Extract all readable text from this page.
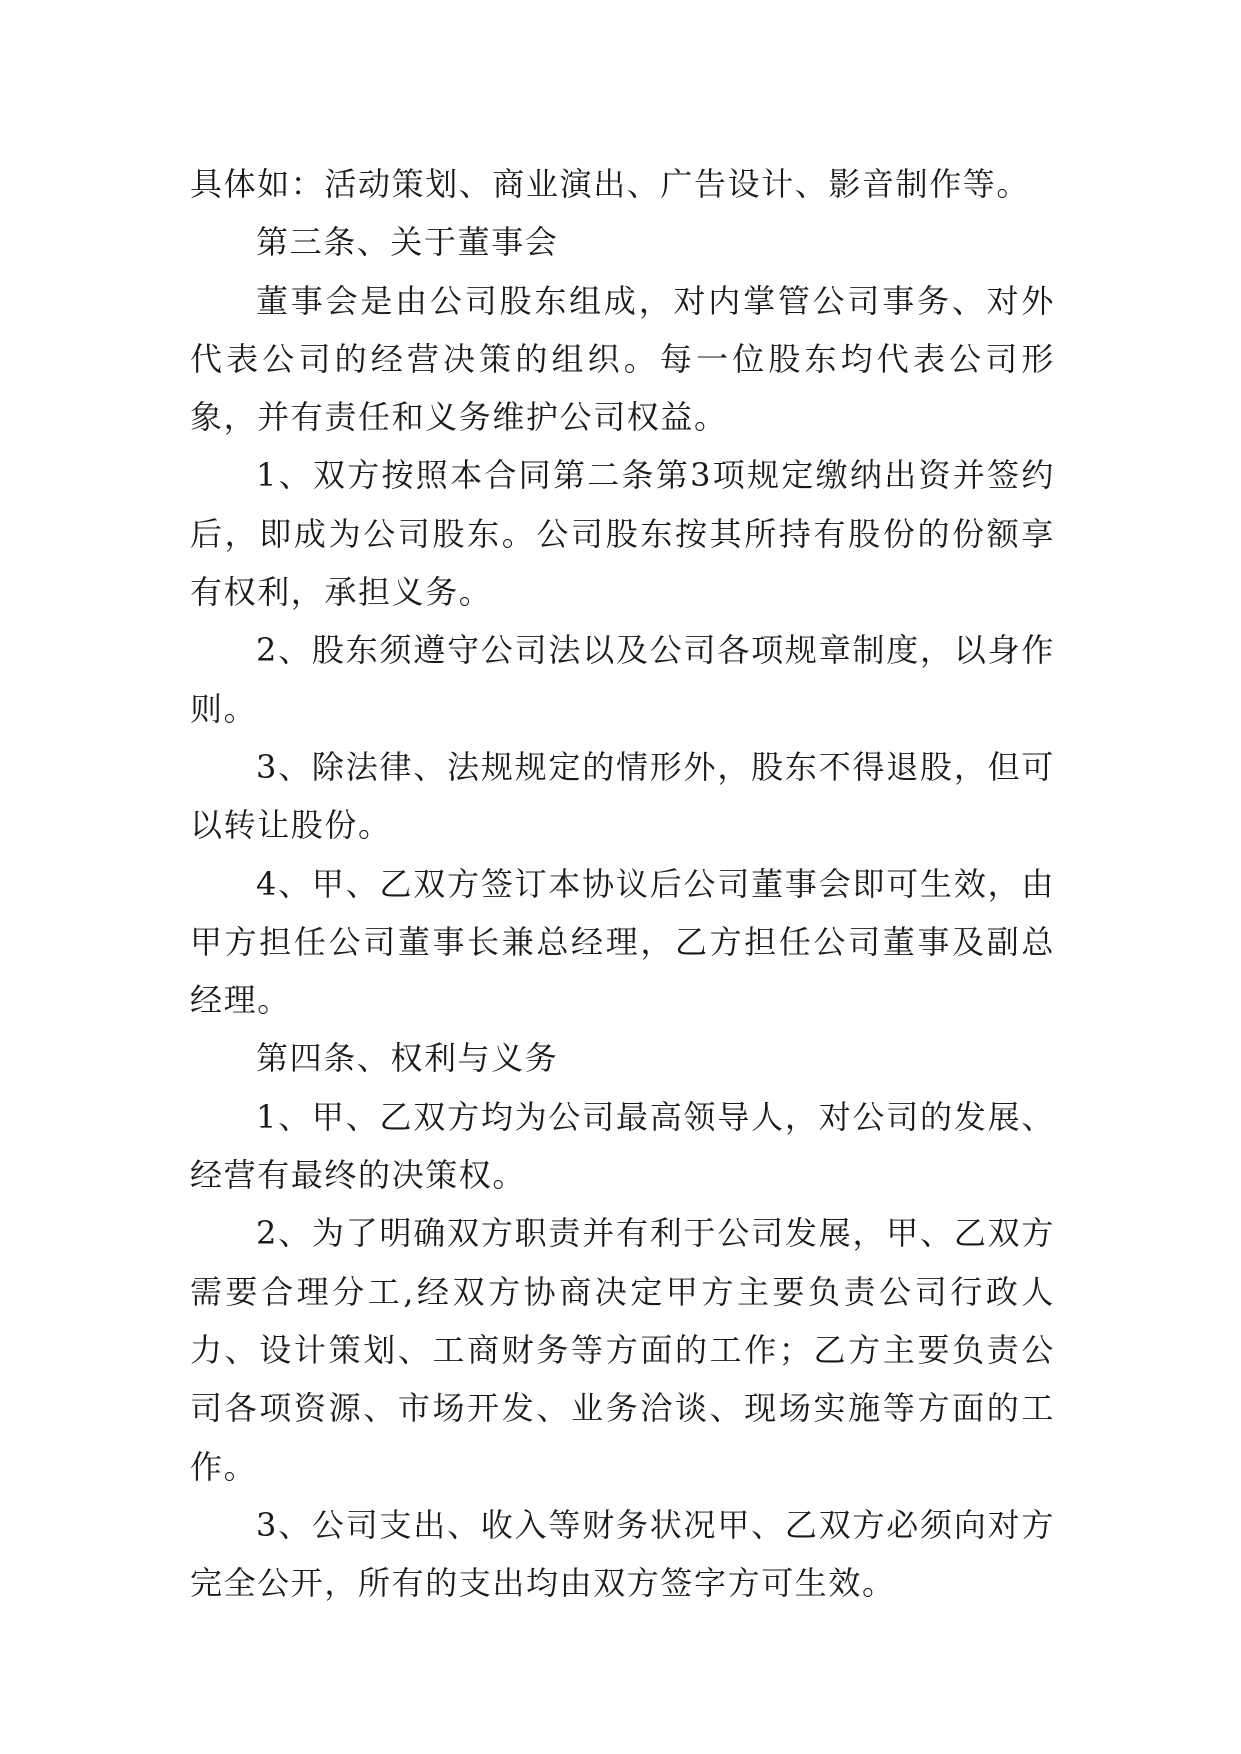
具体如：活动策划、商业演出、广告设计、影音制作等。

第三条、关于董事会

董事会是由公司股东组成，对内掌管公司事务、对外代表公司的经营决策的组织。每一位股东均代表公司形象，并有责任和义务维护公司权益。

1、双方按照本合同第二条第3项规定缴纳出资并签约后，即成为公司股东。公司股东按其所持有股份的份额享有权利，承担义务。

2、股东须遵守公司法以及公司各项规章制度，以身作则。

3、除法律、法规规定的情形外，股东不得退股，但可以转让股份。

4、甲、乙双方签订本协议后公司董事会即可生效，由甲方担任公司董事长兼总经理，乙方担任公司董事及副总经理。

第四条、权利与义务

1、甲、乙双方均为公司最高领导人，对公司的发展、经营有最终的决策权。

2、为了明确双方职责并有利于公司发展，甲、乙双方需要合理分工,经双方协商决定甲方主要负责公司行政人力、设计策划、工商财务等方面的工作；乙方主要负责公司各项资源、市场开发、业务洽谈、现场实施等方面的工作。

3、公司支出、收入等财务状况甲、乙双方必须向对方完全公开，所有的支出均由双方签字方可生效。
